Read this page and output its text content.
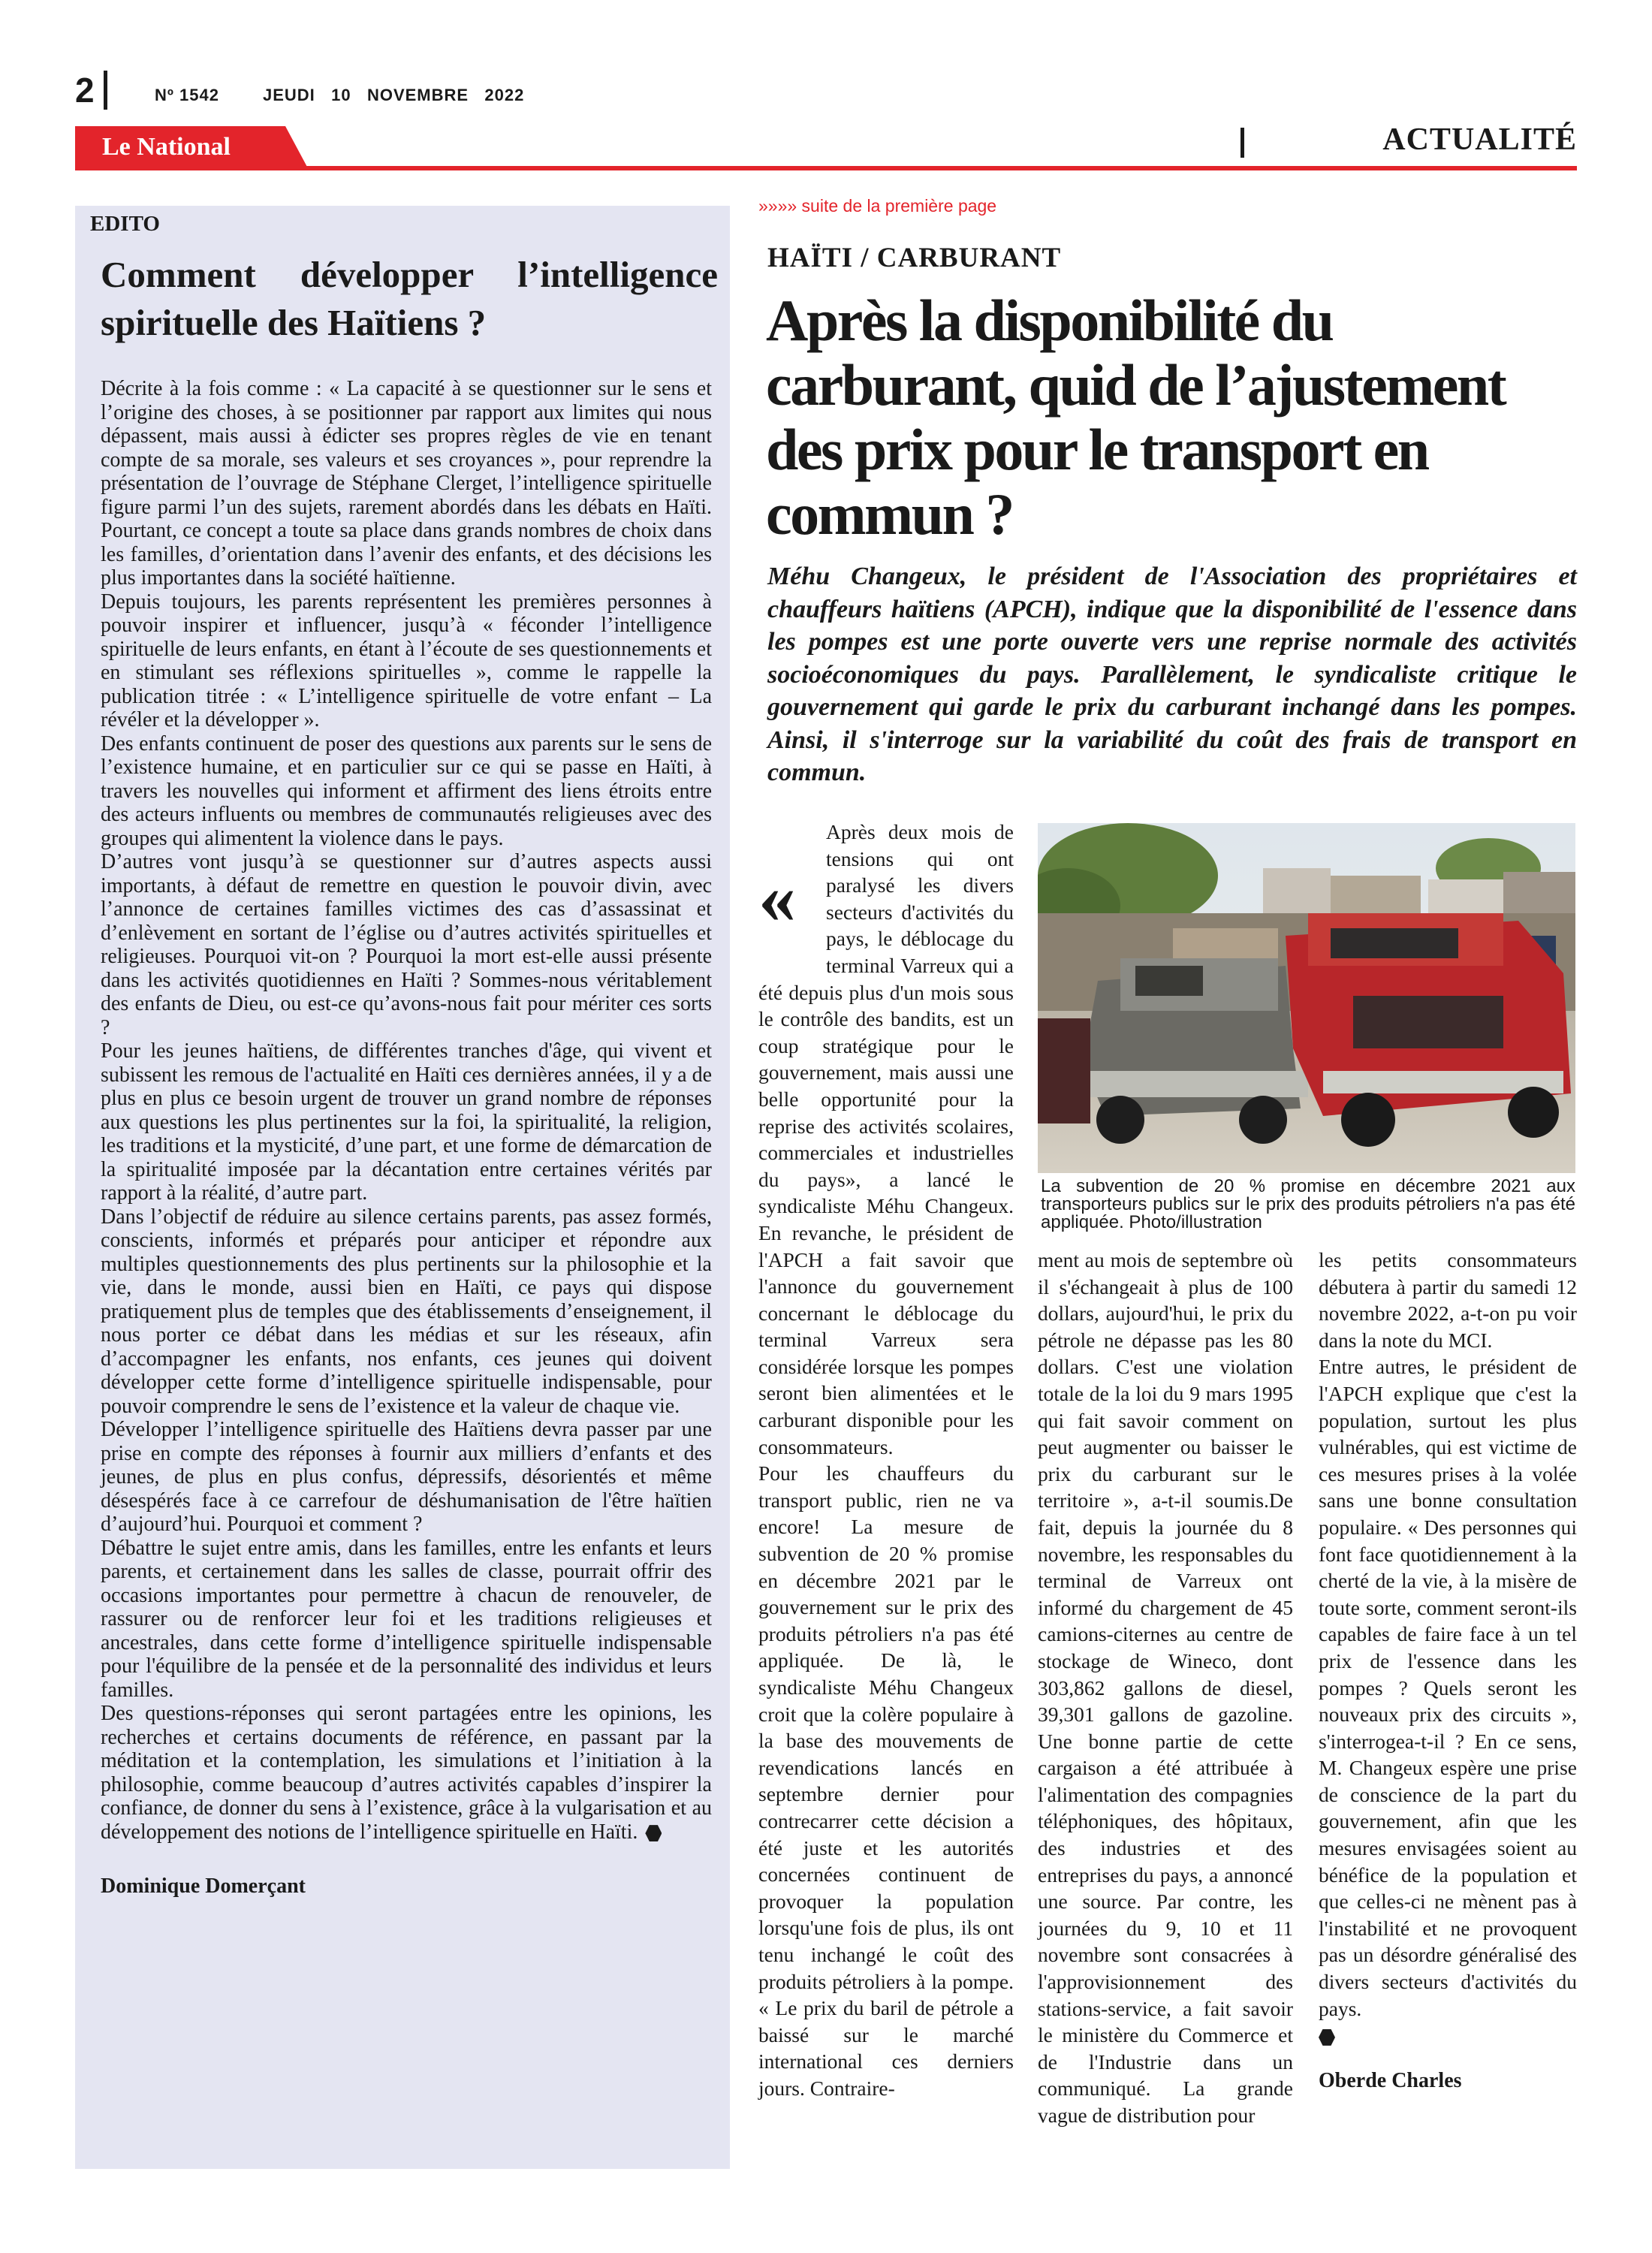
2	Nº 1542	JEUDI   10   NOVEMBRE   2022
Le National	ACTUALITÉ
EDITO
Comment développer l’intelligence spirituelle des Haïtiens ?

Décrite à la fois comme : « La capacité à se questionner sur le sens et l’origine des choses, à se positionner par rapport aux limites qui nous dépassent, mais aussi à édicter ses propres règles de vie en tenant compte de sa morale, ses valeurs et ses croyances », pour reprendre la présentation de l’ouvrage de Stéphane Clerget, l’intelligence spirituelle figure parmi l’un des sujets, rarement abordés dans les débats en Haïti. Pourtant, ce concept a toute sa place dans grands nombres de choix dans les familles, d’orientation dans l’avenir des enfants, et des décisions les plus importantes dans la société haïtienne.

Depuis toujours, les parents représentent les premières personnes à pouvoir inspirer et influencer, jusqu’à « féconder l’intelligence spirituelle de leurs enfants, en étant à l’écoute de ses questionnements et en stimulant ses réflexions spirituelles », comme le rappelle la publication titrée : « L’intelligence spirituelle de votre enfant – La révéler et la développer ».

Des enfants continuent de poser des questions aux parents sur le sens de l’existence humaine, et en particulier sur ce qui se passe en Haïti, à travers les nouvelles qui informent et affirment des liens étroits entre des acteurs influents ou membres de communautés religieuses avec des groupes qui alimentent la violence dans le pays.

D’autres vont jusqu’à se questionner sur d’autres aspects aussi importants, à défaut de remettre en question le pouvoir divin, avec l’annonce de certaines familles victimes des cas d’assassinat et d’enlèvement en sortant de l’église ou d’autres activités spirituelles et religieuses. Pourquoi vit-on ? Pourquoi la mort est-elle aussi présente dans les activités quotidiennes en Haïti ? Sommes-nous véritablement des enfants de Dieu, ou est-ce qu’avons-nous fait pour mériter ces sorts ?

Pour les jeunes haïtiens, de différentes tranches d'âge, qui vivent et subissent les remous de l'actualité en Haïti ces dernières années, il y a de plus en plus ce besoin urgent de trouver un grand nombre de réponses aux questions les plus pertinentes sur la foi, la spiritualité, la religion, les traditions et la mysticité, d’une part, et une forme de démarcation de la spiritualité imposée par la décantation entre certaines vérités par rapport à la réalité, d’autre part.

Dans l’objectif de réduire au silence certains parents, pas assez formés, conscients, informés et préparés pour anticiper et répondre aux multiples questionnements des plus pertinents sur la philosophie et la vie, dans le monde, aussi bien en Haïti, ce pays qui dispose pratiquement plus de temples que des établissements d’enseignement, il nous porter ce débat dans les médias et sur les réseaux, afin d’accompagner les enfants, nos enfants, ces jeunes qui doivent développer cette forme d’intelligence spirituelle indispensable, pour pouvoir comprendre le sens de l’existence et la valeur de chaque vie.

Développer l’intelligence spirituelle des Haïtiens devra passer par une prise en compte des réponses à fournir aux milliers d’enfants et des jeunes, de plus en plus confus, dépressifs, désorientés et même désespérés face à ce carrefour de déshumanisation de l'être haïtien d’aujourd’hui. Pourquoi et comment ?

Débattre le sujet entre amis, dans les familles, entre les enfants et leurs parents, et certainement dans les salles de classe, pourrait offrir des occasions importantes pour permettre à chacun de renouveler, de rassurer ou de renforcer leur foi et les traditions religieuses et ancestrales, dans cette forme d’intelligence spirituelle indispensable pour l'équilibre de la pensée et de la personnalité des individus et leurs familles.

Des questions-réponses qui seront partagées entre les opinions, les recherches et certains documents de référence, en passant par la méditation et la contemplation, les simulations et l’initiation à la philosophie, comme beaucoup d’autres activités capables d’inspirer la confiance, de donner du sens à l’existence, grâce à la vulgarisation et au développement des notions de l’intelligence spirituelle en Haïti.

Dominique Domerçant
»»»» suite de la première page
HAÏTI / CARBURANT
Après la disponibilité du carburant, quid de l’ajustement des prix pour le transport en commun ?
Méhu Changeux, le président de l'Association des propriétaires et chauffeurs haïtiens (APCH), indique que la disponibilité de l'essence dans les pompes est une porte ouverte vers une reprise normale des activités socioéconomiques du pays. Parallèlement, le syndicaliste critique le gouvernement qui garde le prix du carburant inchangé dans les pompes. Ainsi, il s'interroge sur la variabilité du coût des frais de transport en commun.
«

Après deux mois de tensions qui ont paralysé les divers secteurs d'activités du pays, le déblocage du terminal Varreux qui a été depuis plus d'un mois sous le contrôle des bandits, est un coup stratégique pour le gouvernement, mais aussi une belle opportunité pour la reprise des activités scolaires, commerciales et industrielles du pays», a lancé le syndicaliste Méhu Changeux. En revanche, le président de l'APCH a fait savoir que l'annonce du gouvernement concernant le déblocage du terminal Varreux sera considérée lorsque les pompes seront bien alimentées et le carburant disponible pour les consommateurs.

Pour les chauffeurs du transport public, rien ne va encore! La mesure de subvention de 20 % promise en décembre 2021 par le gouvernement sur le prix des produits pétroliers n'a pas été appliquée. De là, le syndicaliste Méhu Changeux croit que la colère populaire à la base des mouvements de revendications lancés en septembre dernier pour contrecarrer cette décision a été juste et les autorités concernées continuent de provoquer la population lorsqu'une fois de plus, ils ont tenu inchangé le coût des produits pétroliers à la pompe. « Le prix du baril de pétrole a baissé sur le marché international ces derniers jours. Contraire-

La subvention de 20 % promise en décembre 2021 aux transporteurs publics sur le prix des produits pétroliers n'a pas été appliquée. Photo/illustration

ment au mois de septembre où il s'échangeait à plus de 100 dollars, aujourd'hui, le prix du pétrole ne dépasse pas les 80 dollars. C'est une violation totale de la loi du 9 mars 1995 qui fait savoir comment on peut augmenter ou baisser le prix du carburant sur le territoire », a-t-il soumis.De fait, depuis la journée du 8 novembre, les responsables du terminal de Varreux ont informé du chargement de 45 camions-citernes au centre de stockage de Wineco, dont 303,862 gallons de diesel, 39,301 gallons de gazoline. Une bonne partie de cette cargaison a été attribuée à l'alimentation des compagnies téléphoniques, des hôpitaux, des industries et des entreprises du pays, a annoncé une source. Par contre, les journées du 9, 10 et 11 novembre sont consacrées à l'approvisionnement des stations-service, a fait savoir le ministère du Commerce et de l'Industrie dans un communiqué. La grande vague de distribution pour

les petits consommateurs débutera à partir du samedi 12 novembre 2022, a-t-on pu voir dans la note du MCI.

Entre autres, le président de l'APCH explique que c'est la population, surtout les plus vulnérables, qui est victime de ces mesures prises à la volée sans une bonne consultation populaire. « Des personnes qui font face quotidiennement à la cherté de la vie, à la misère de toute sorte, comment seront-ils capables de faire face à un tel prix de l'essence dans les pompes ? Quels seront les nouveaux prix des circuits », s'interrogea-t-il ? En ce sens, M. Changeux espère une prise de conscience de la part du gouvernement, afin que les mesures envisagées soient au bénéfice de la population et que celles-ci ne mènent pas à l'instabilité et ne provoquent pas un désordre généralisé des divers secteurs d'activités du pays.

Oberde Charles
